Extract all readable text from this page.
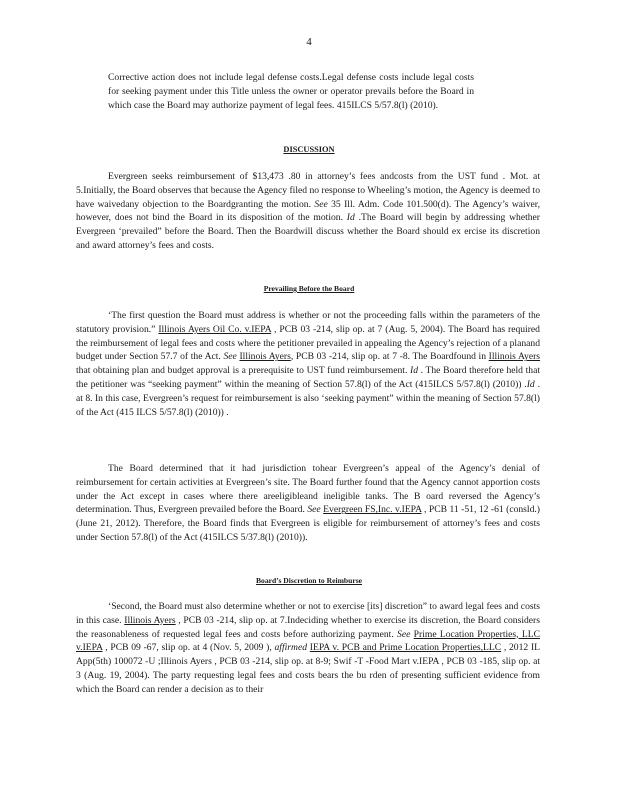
4
Corrective action does not include legal defense costs.Legal defense costs include legal costs for seeking payment under this Title unless the owner or operator prevails before the Board in which case the Board may authorize payment of legal fees. 415ILCS 5/57.8(l) (2010).
DISCUSSION
Evergreen seeks reimbursement of $13,473 .80 in attorney’s fees andcosts from the UST fund . Mot. at 5.Initially, the Board observes that because the Agency filed no response to Wheeling’s motion, the Agency is deemed to have waivedany objection to the Boardgranting the motion. See 35 Ill. Adm. Code 101.500(d). The Agency’s waiver, however, does not bind the Board in its disposition of the motion. Id .The Board will begin by addressing whether Evergreen ‘prevailed” before the Board. Then the Boardwill discuss whether the Board should ex ercise its discretion and award attorney’s fees and costs.
Prevailing Before the Board
‘The first question the Board must address is whether or not the proceeding falls within the parameters of the statutory provision.” Illinois Ayers Oil Co. v.IEPA , PCB 03 -214, slip op. at 7 (Aug. 5, 2004). The Board has required the reimbursement of legal fees and costs where the petitioner prevailed in appealing the Agency’s rejection of a planand budget under Section 57.7 of the Act. See Illinois Ayers, PCB 03 -214, slip op. at 7 -8. The Boardfound in Illinois Ayers that obtaining plan and budget approval is a prerequisite to UST fund reimbursement. Id . The Board therefore held that the petitioner was “seeking payment” within the meaning of Section 57.8(l) of the Act (415ILCS 5/57.8(l) (2010)) .Id . at 8. In this case, Evergreen’s request for reimbursement is also ‘seeking payment” within the meaning of Section 57.8(l) of the Act (415 ILCS 5/57.8(l) (2010)) .
The Board determined that it had jurisdiction tohear Evergreen’s appeal of the Agency’s denial of reimbursement for certain activities at Evergreen’s site. The Board further found that the Agency cannot apportion costs under the Act except in cases where there areeligibleand ineligible tanks. The B oard reversed the Agency’s determination. Thus, Evergreen prevailed before the Board. See Evergreen FS,Inc. v.IEPA , PCB 11 -51, 12 -61 (consld.) (June 21, 2012). Therefore, the Board finds that Evergreen is eligible for reimbursement of attorney’s fees and costs under Section 57.8(l) of the Act (415ILCS 5/37.8(l) (2010)).
Board’s Discretion to Reimburse
‘Second, the Board must also determine whether or not to exercise [its] discretion” to award legal fees and costs in this case. Illinois Ayers , PCB 03 -214, slip op. at 7.Indeciding whether to exercise its discretion, the Board considers the reasonableness of requested legal fees and costs before authorizing payment. See Prime Location Properties, LLC v.IEPA , PCB 09 -67, slip op. at 4 (Nov. 5, 2009 ), affirmed IEPA v. PCB and Prime Location Properties,LLC , 2012 IL App(5th) 100072 -U ;Illinois Ayers , PCB 03 -214, slip op. at 8-9; Swif -T -Food Mart v.IEPA , PCB 03 -185, slip op. at 3 (Aug. 19, 2004). The party requesting legal fees and costs bears the bu rden of presenting sufficient evidence from which the Board can render a decision as to their
